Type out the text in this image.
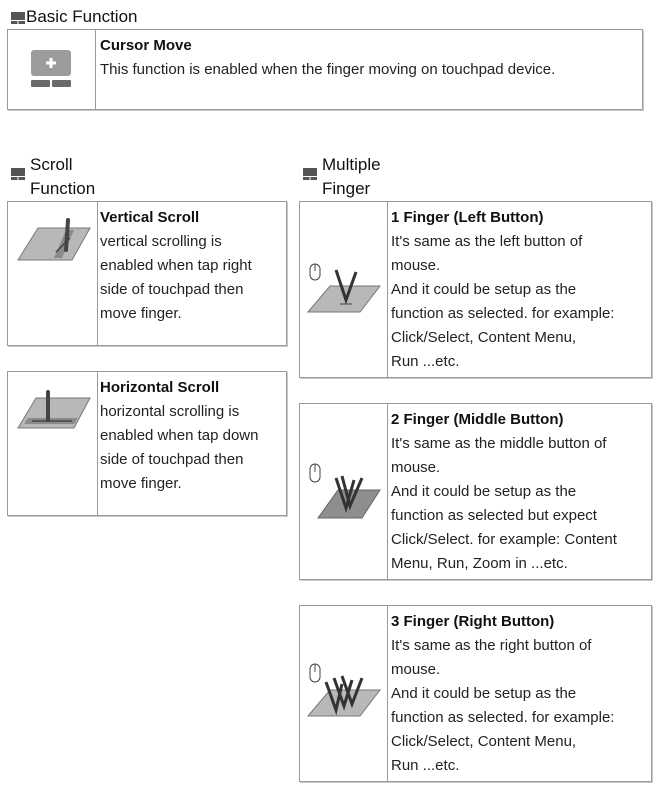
Basic Function
Cursor Move
This function is enabled when the finger moving on touchpad device.
Scroll
Function
Vertical Scroll
vertical scrolling is
enabled when tap right
side of touchpad then
move finger.
Horizontal Scroll
horizontal scrolling is
enabled when tap down
side of touchpad then
move finger.
Multiple
Finger
1 Finger (Left Button)
It's same as the left button of
mouse.
And it could be setup as the
function as selected. for example:
Click/Select, Content Menu,
Run ...etc.
2 Finger (Middle Button)
It's same as the middle button of
mouse.
And it could be setup as the
function as selected but expect
Click/Select. for example: Content
Menu, Run, Zoom in ...etc.
3 Finger (Right Button)
It's same as the right button of
mouse.
And it could be setup as the
function as selected. for example:
Click/Select, Content Menu,
Run ...etc.
